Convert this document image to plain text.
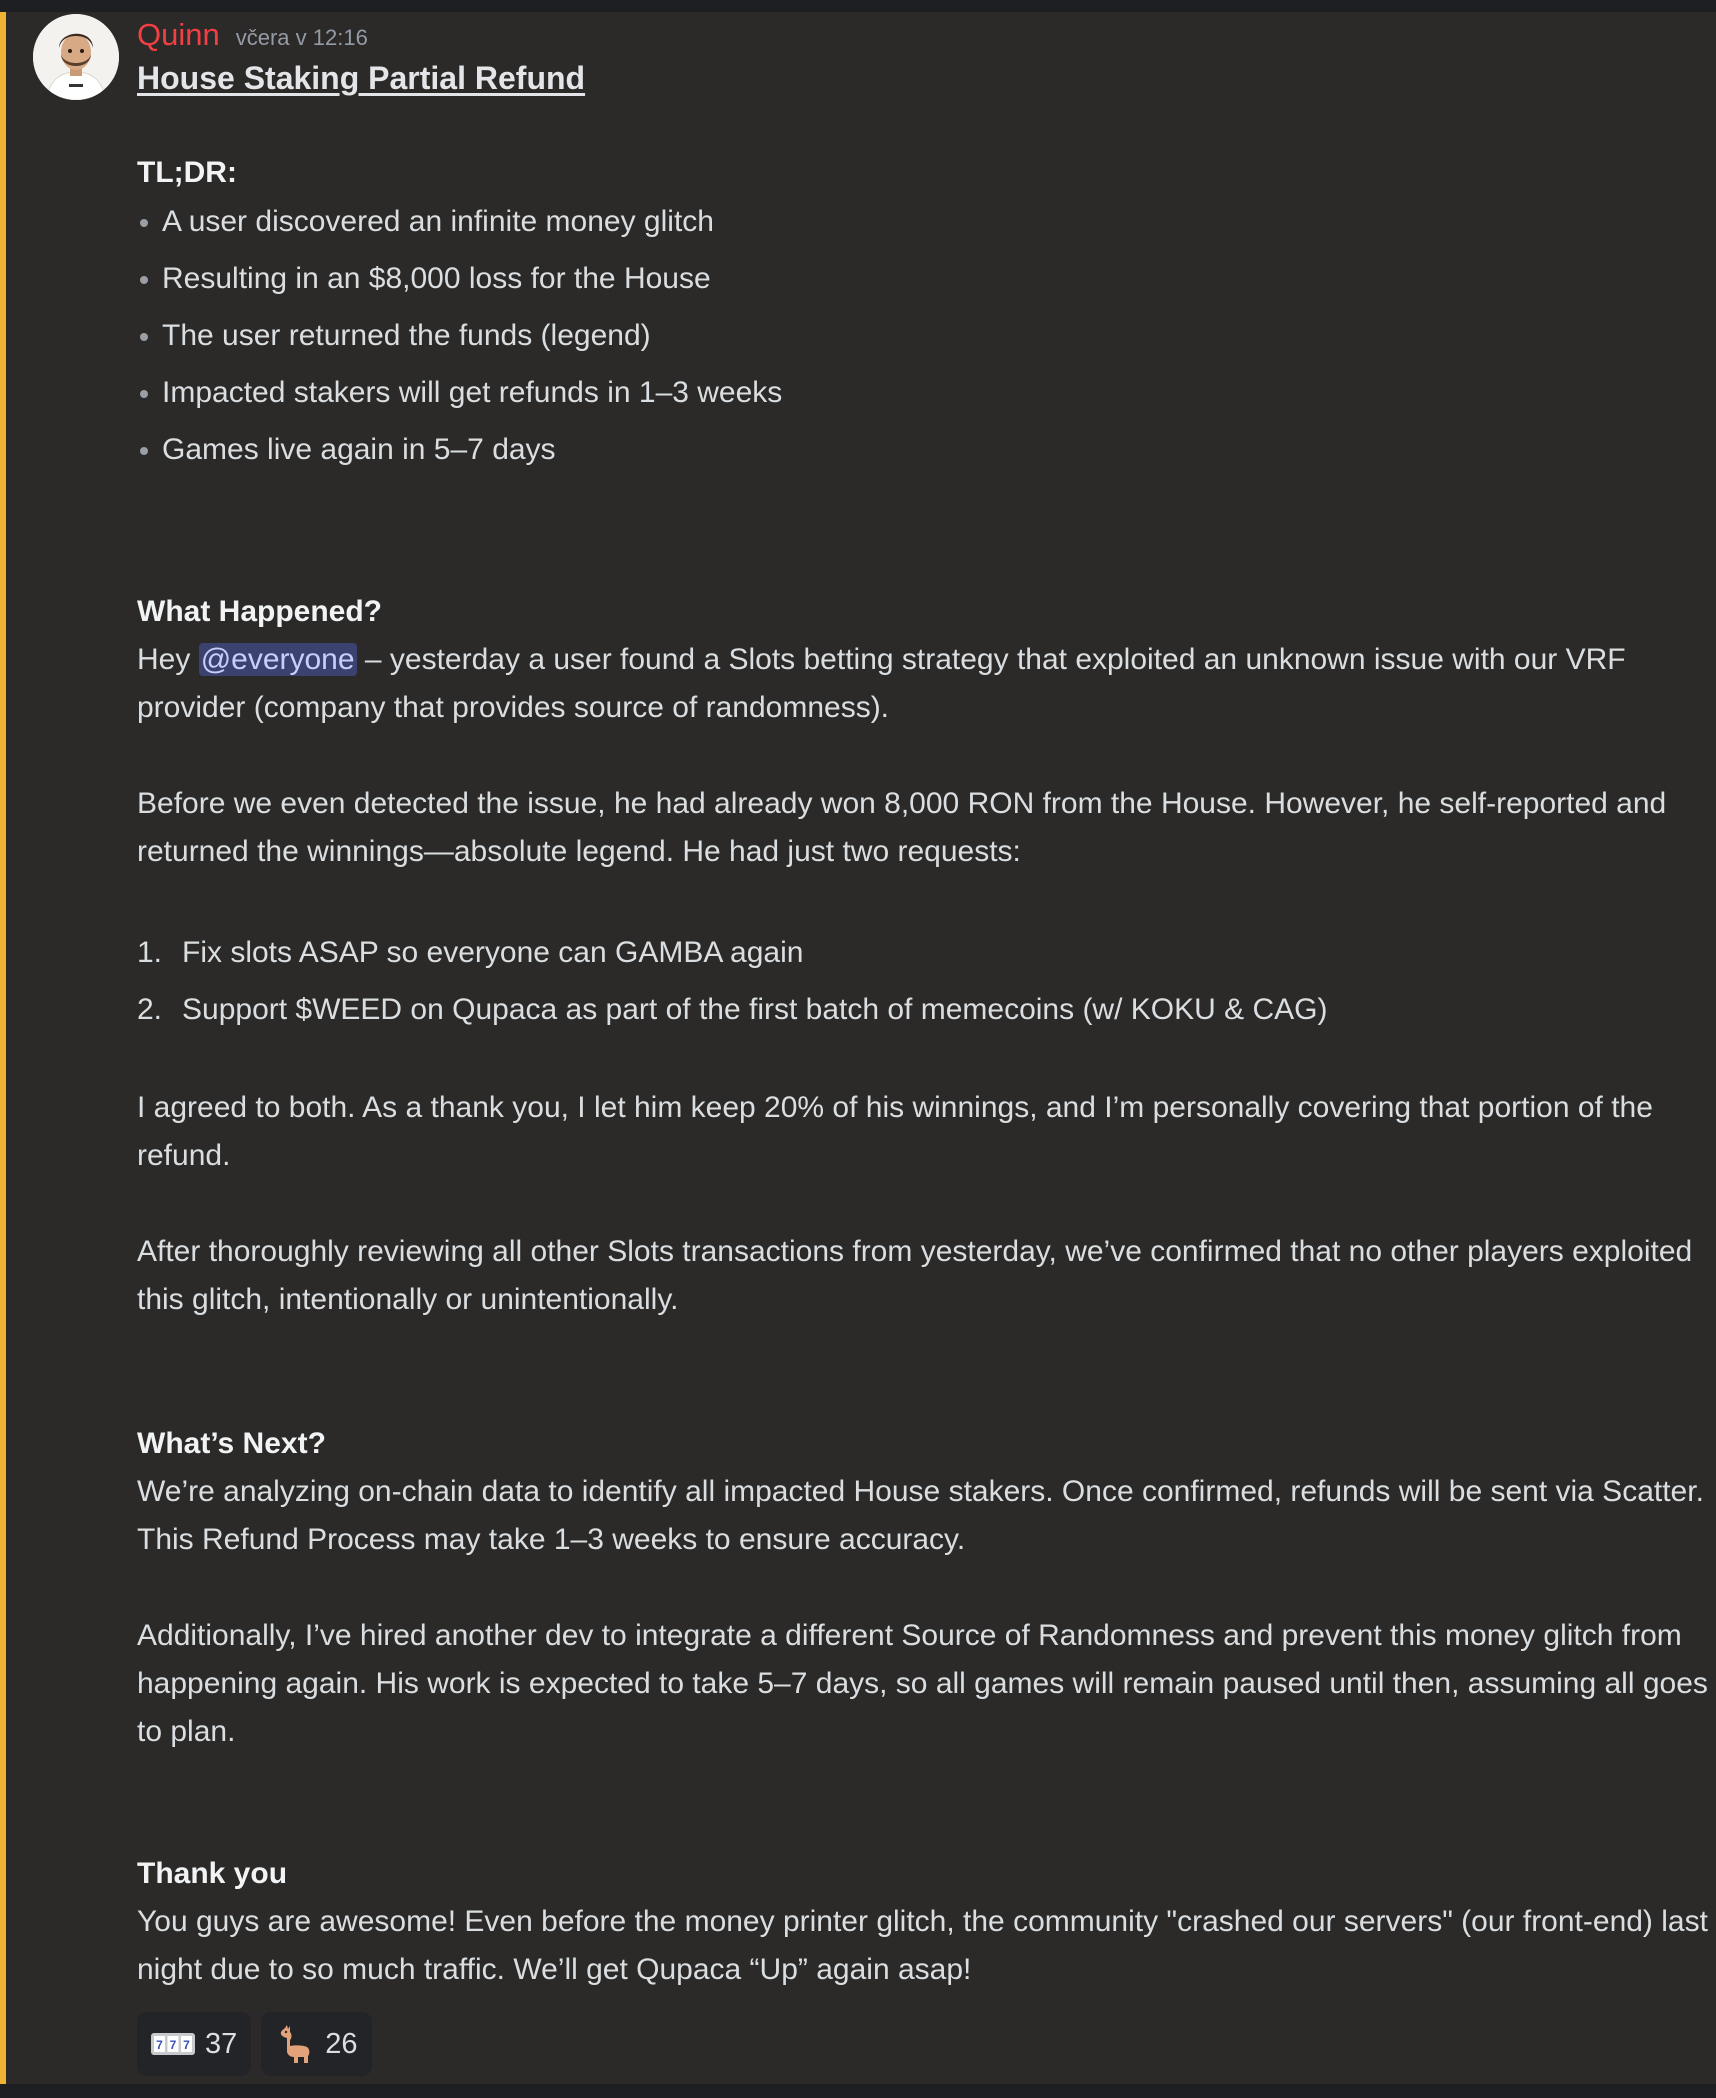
Quinn včera v 12:16
House Staking Partial Refund
TL;DR:
A user discovered an infinite money glitch
Resulting in an $8,000 loss for the House
The user returned the funds (legend)
Impacted stakers will get refunds in 1–3 weeks
Games live again in 5–7 days
What Happened?
Hey @everyone – yesterday a user found a Slots betting strategy that exploited an unknown issue with our VRF provider (company that provides source of randomness).
Before we even detected the issue, he had already won 8,000 RON from the House. However, he self-reported and returned the winnings—absolute legend. He had just two requests:
1. Fix slots ASAP so everyone can GAMBA again
2. Support $WEED on Qupaca as part of the first batch of memecoins (w/ KOKU & CAG)
I agreed to both. As a thank you, I let him keep 20% of his winnings, and I’m personally covering that portion of the refund.
After thoroughly reviewing all other Slots transactions from yesterday, we’ve confirmed that no other players exploited this glitch, intentionally or unintentionally.
What’s Next?
We’re analyzing on-chain data to identify all impacted House stakers. Once confirmed, refunds will be sent via Scatter. This Refund Process may take 1–3 weeks to ensure accuracy.
Additionally, I’ve hired another dev to integrate a different Source of Randomness and prevent this money glitch from happening again. His work is expected to take 5–7 days, so all games will remain paused until then, assuming all goes to plan.
Thank you
You guys are awesome! Even before the money printer glitch, the community "crashed our servers" (our front-end) last night due to so much traffic. We’ll get Qupaca “Up” again asap!
7 7 7 37	26
